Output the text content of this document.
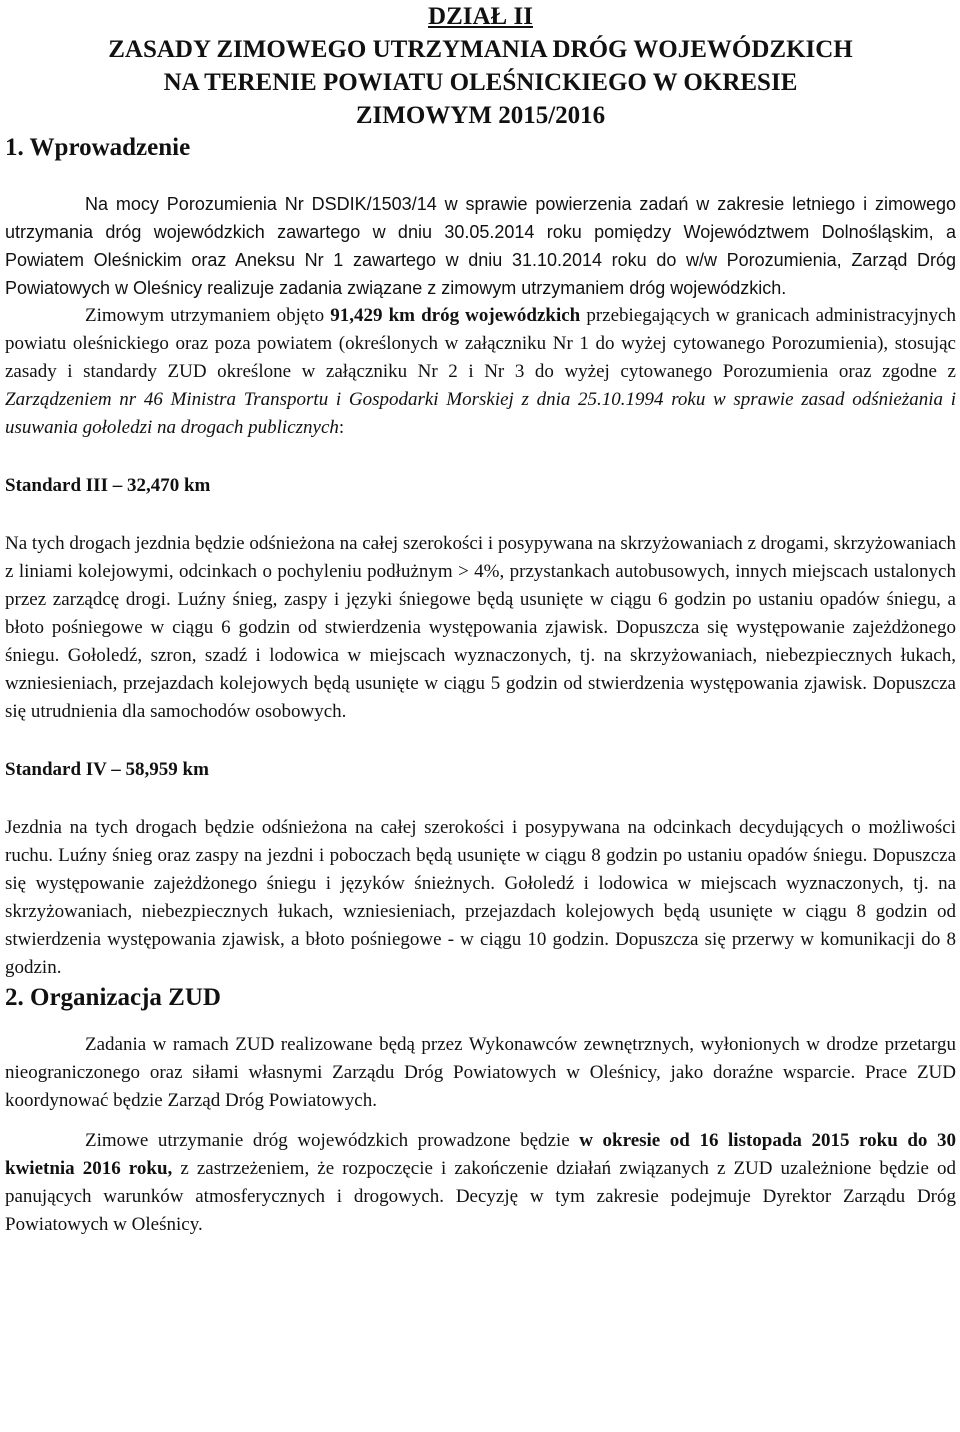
DZIAŁ II
ZASADY ZIMOWEGO UTRZYMANIA DRÓG WOJEWÓDZKICH
NA TERENIE POWIATU OLEŚNICKIEGO W OKRESIE
ZIMOWYM 2015/2016
1. Wprowadzenie

Na mocy Porozumienia Nr DSDIK/1503/14 w sprawie powierzenia zadań w zakresie letniego i zimowego utrzymania dróg wojewódzkich zawartego w dniu 30.05.2014 roku pomiędzy Województwem Dolnośląskim, a Powiatem Oleśnickim oraz Aneksu Nr 1 zawartego w dniu 31.10.2014 roku do w/w Porozumienia, Zarząd Dróg Powiatowych w Oleśnicy realizuje zadania związane z zimowym utrzymaniem dróg wojewódzkich.

Zimowym utrzymaniem objęto 91,429 km dróg wojewódzkich przebiegających w granicach administracyjnych powiatu oleśnickiego oraz poza powiatem (określonych w załączniku Nr 1 do wyżej cytowanego Porozumienia), stosując zasady i standardy ZUD określone w załączniku Nr 2 i Nr 3 do wyżej cytowanego Porozumienia oraz zgodne z Zarządzeniem nr 46 Ministra Transportu i Gospodarki Morskiej z dnia 25.10.1994 roku w sprawie zasad odśnieżania i usuwania gołoledzi na drogach publicznych:

Standard III – 32,470 km

Na tych drogach jezdnia będzie odśnieżona na całej szerokości i posypywana na skrzyżowaniach z drogami, skrzyżowaniach z liniami kolejowymi, odcinkach o pochyleniu podłużnym > 4%, przystankach autobusowych, innych miejscach ustalonych przez zarządcę drogi. Luźny śnieg, zaspy i języki śniegowe będą usunięte w ciągu 6 godzin po ustaniu opadów śniegu, a błoto pośniegowe w ciągu 6 godzin od stwierdzenia występowania zjawisk. Dopuszcza się występowanie zajeżdżonego śniegu. Gołoledź, szron, szadź i lodowica w miejscach wyznaczonych, tj. na skrzyżowaniach, niebezpiecznych łukach, wzniesieniach, przejazdach kolejowych będą usunięte w ciągu 5 godzin od stwierdzenia występowania zjawisk. Dopuszcza się utrudnienia dla samochodów osobowych.

Standard IV – 58,959 km

Jezdnia na tych drogach będzie odśnieżona na całej szerokości i posypywana na odcinkach decydujących o możliwości ruchu. Luźny śnieg oraz zaspy na jezdni i poboczach będą usunięte w ciągu 8 godzin po ustaniu opadów śniegu. Dopuszcza się występowanie zajeżdżonego śniegu i języków śnieżnych. Gołoledź i lodowica w miejscach wyznaczonych, tj. na skrzyżowaniach, niebezpiecznych łukach, wzniesieniach, przejazdach kolejowych będą usunięte w ciągu 8 godzin od stwierdzenia występowania zjawisk, a błoto pośniegowe - w ciągu 10 godzin. Dopuszcza się przerwy w komunikacji do 8 godzin.

2. Organizacja ZUD

Zadania w ramach ZUD realizowane będą przez Wykonawców zewnętrznych, wyłonionych w drodze przetargu nieograniczonego oraz siłami własnymi Zarządu Dróg Powiatowych w Oleśnicy, jako doraźne wsparcie. Prace ZUD koordynować będzie Zarząd Dróg Powiatowych.

Zimowe utrzymanie dróg wojewódzkich prowadzone będzie w okresie od 16 listopada 2015 roku do 30 kwietnia 2016 roku, z zastrzeżeniem, że rozpoczęcie i zakończenie działań związanych z ZUD uzależnione będzie od panujących warunków atmosferycznych i drogowych. Decyzję w tym zakresie podejmuje Dyrektor Zarządu Dróg Powiatowych w Oleśnicy.
